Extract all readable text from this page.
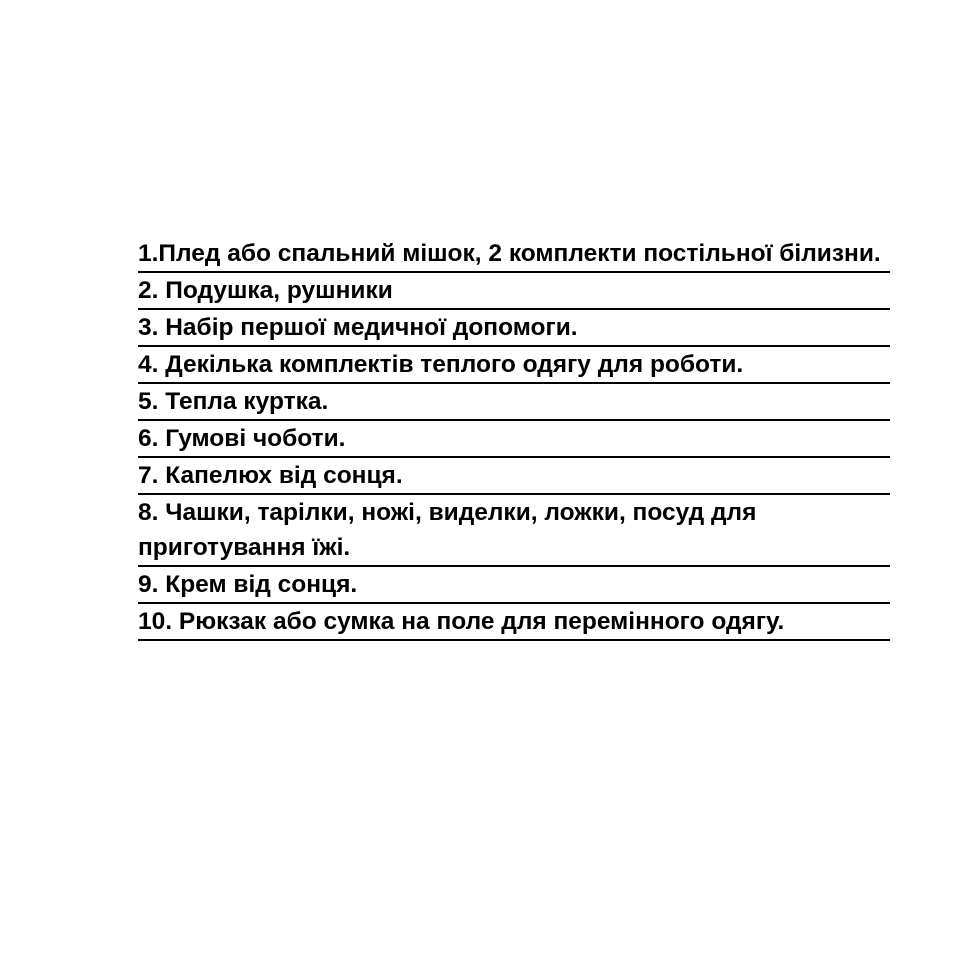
1.Плед або спальний мішок, 2 комплекти постільної білизни.
2. Подушка, рушники
3. Набір першої медичної допомоги.
4. Декілька комплектів теплого одягу для роботи.
5. Тепла куртка.
6. Гумові чоботи.
7. Капелюх від сонця.
8. Чашки, тарілки, ножі, виделки, ложки, посуд для приготування їжі.
9. Крем від сонця.
10. Рюкзак або сумка на поле для перемінного одягу.
